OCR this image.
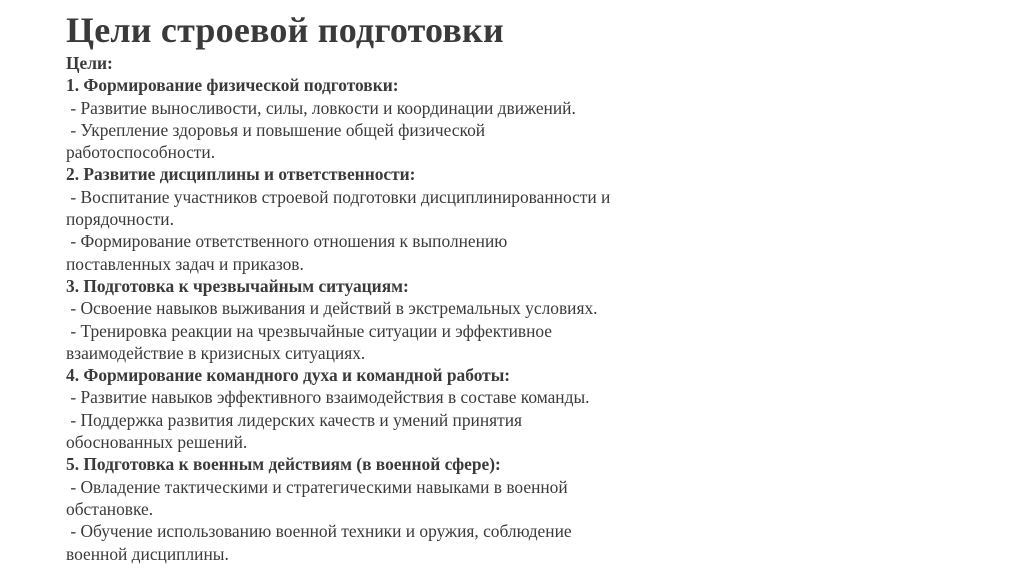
Цели строевой подготовки
Цели:
1. Формирование физической подготовки:
- Развитие выносливости, силы, ловкости и координации движений.
- Укрепление здоровья и повышение общей физической
работоспособности.
2. Развитие дисциплины и ответственности:
- Воспитание участников строевой подготовки дисциплинированности и
порядочности.
- Формирование ответственного отношения к выполнению
поставленных задач и приказов.
3. Подготовка к чрезвычайным ситуациям:
- Освоение навыков выживания и действий в экстремальных условиях.
- Тренировка реакции на чрезвычайные ситуации и эффективное
взаимодействие в кризисных ситуациях.
4. Формирование командного духа и командной работы:
- Развитие навыков эффективного взаимодействия в составе команды.
- Поддержка развития лидерских качеств и умений принятия
обоснованных решений.
5. Подготовка к военным действиям (в военной сфере):
- Овладение тактическими и стратегическими навыками в военной
обстановке.
- Обучение использованию военной техники и оружия, соблюдение
военной дисциплины.
